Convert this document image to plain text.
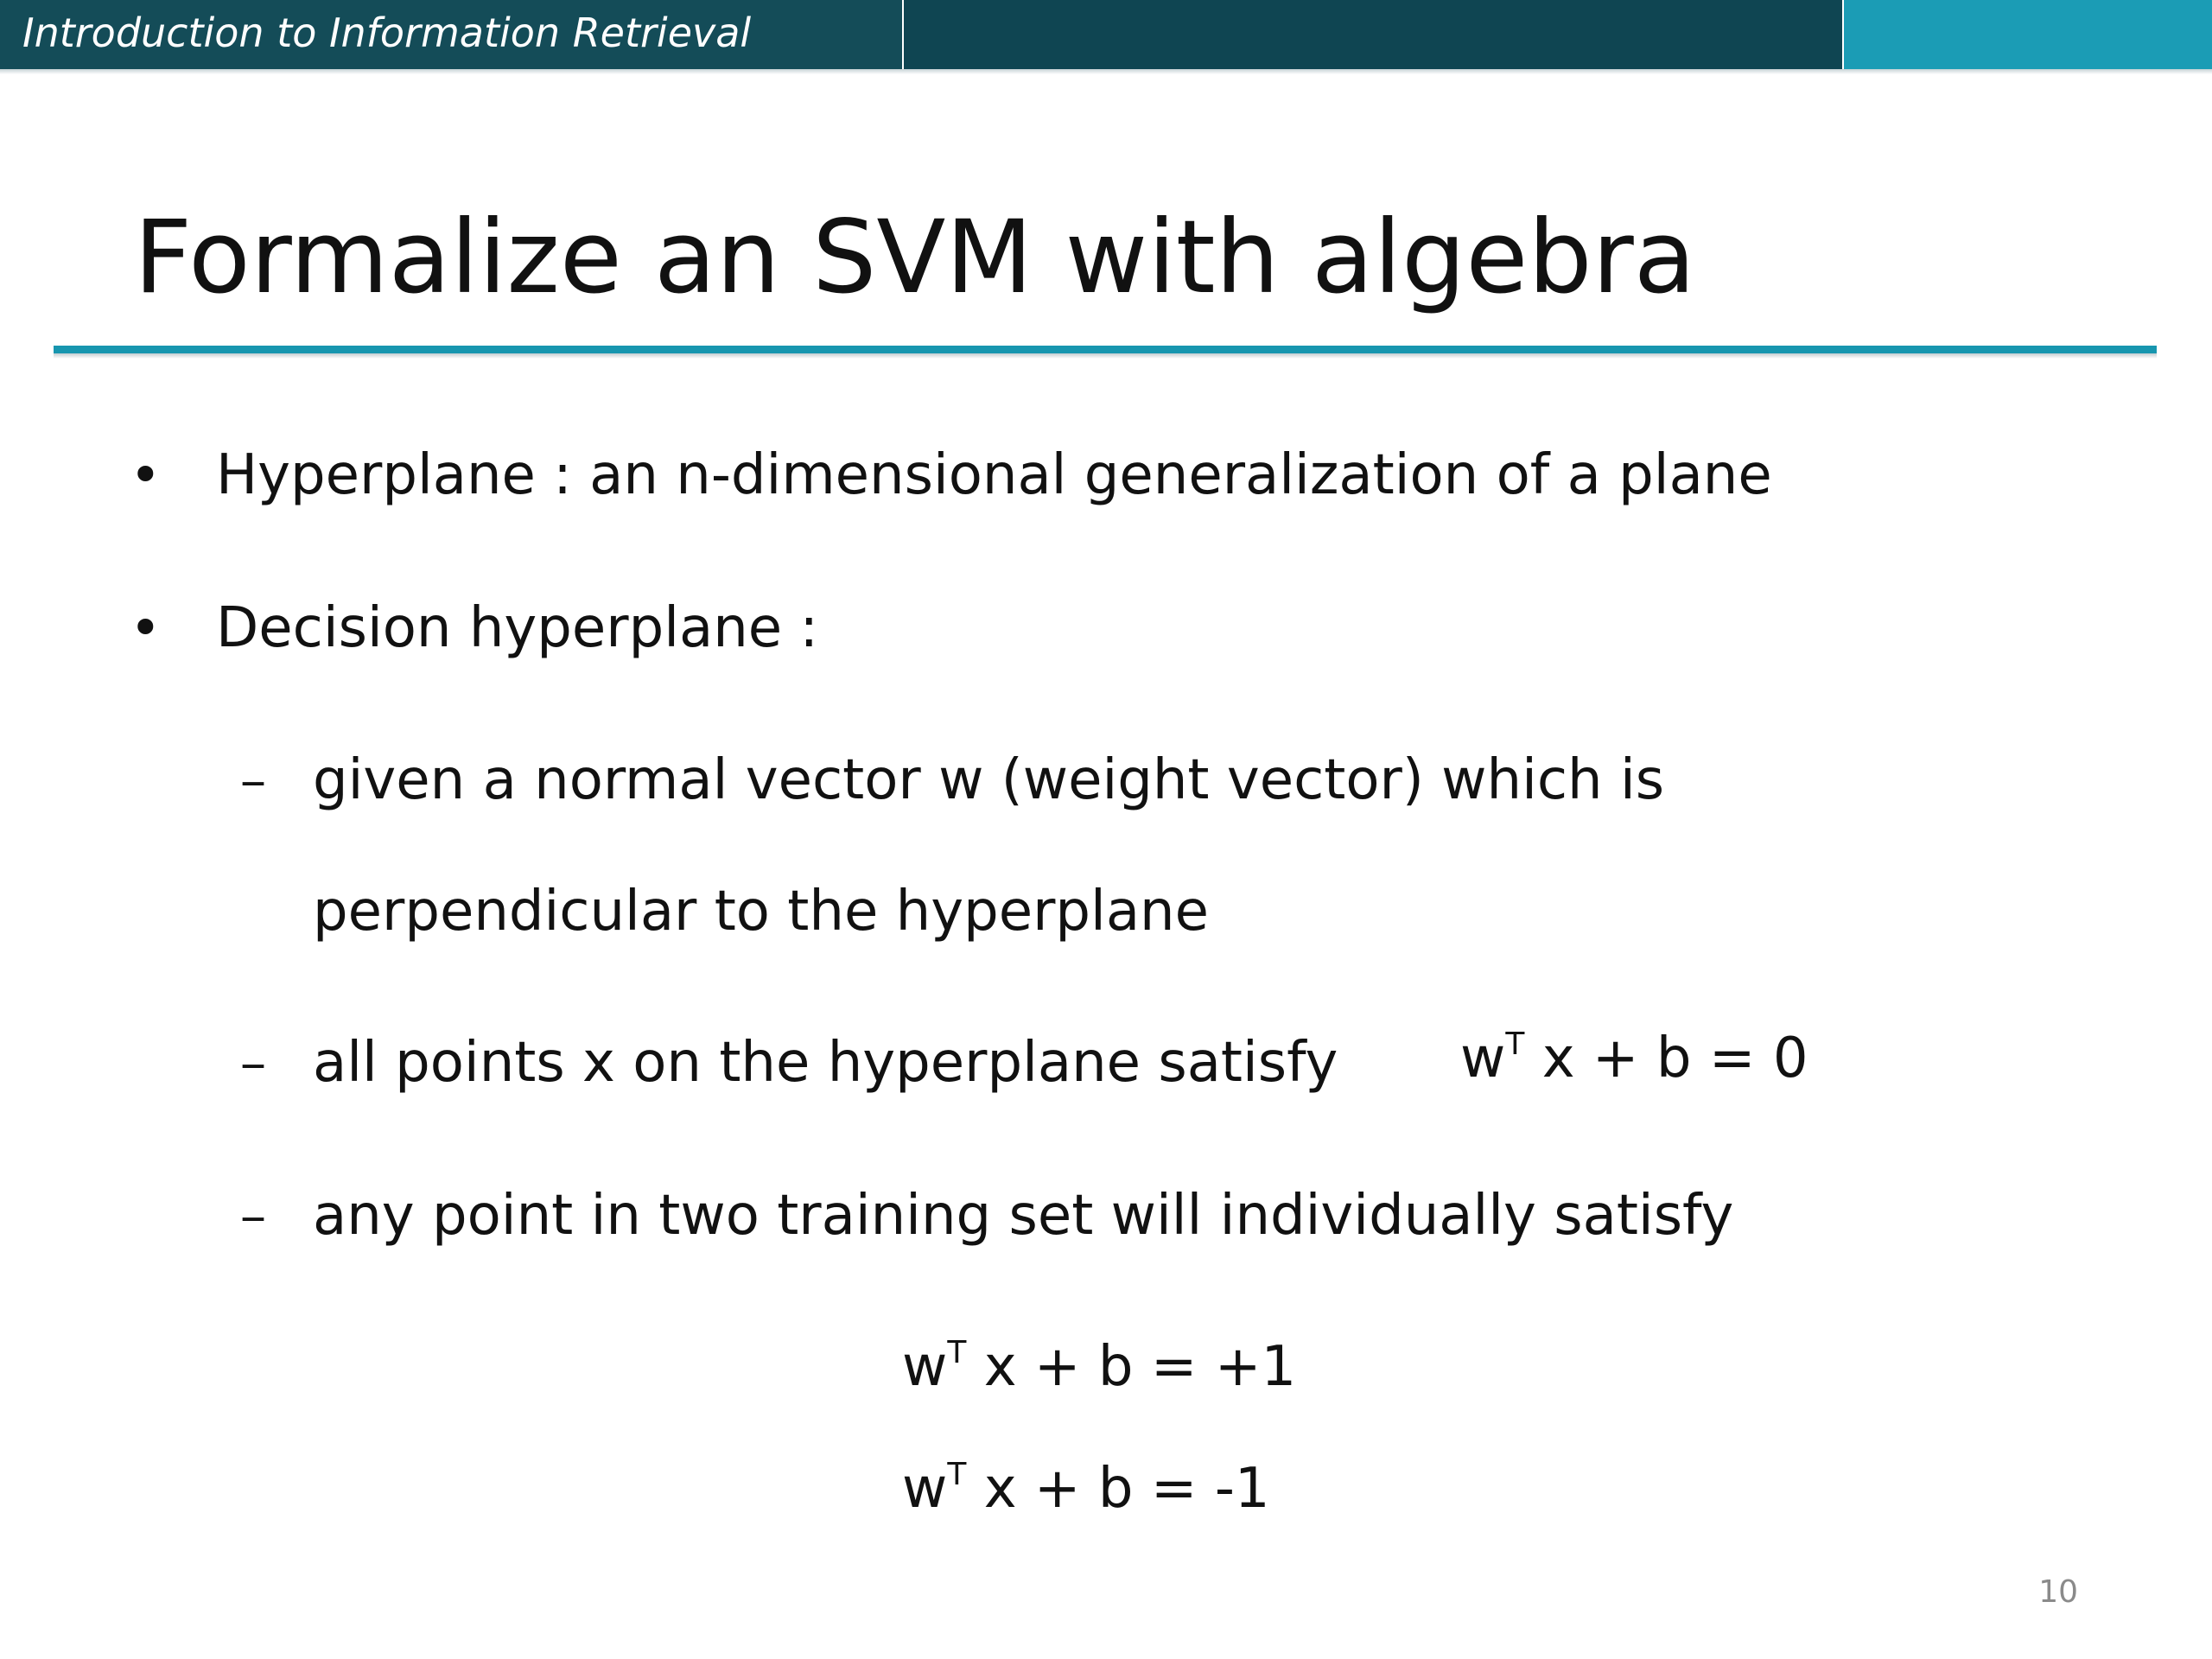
Introduction to Information Retrieval
Formalize an SVM with algebra
• Hyperplane : an n-dimensional generalization of a plane
• Decision hyperplane :
– given a normal vector w (weight vector) which is
perpendicular to the hyperplane
– all points x on the hyperplane satisfy $w^T$ x + b = 0
– any point in two training set will individually satisfy
$w^T$ x + b = +1
$w^T$ x + b = -1
10
